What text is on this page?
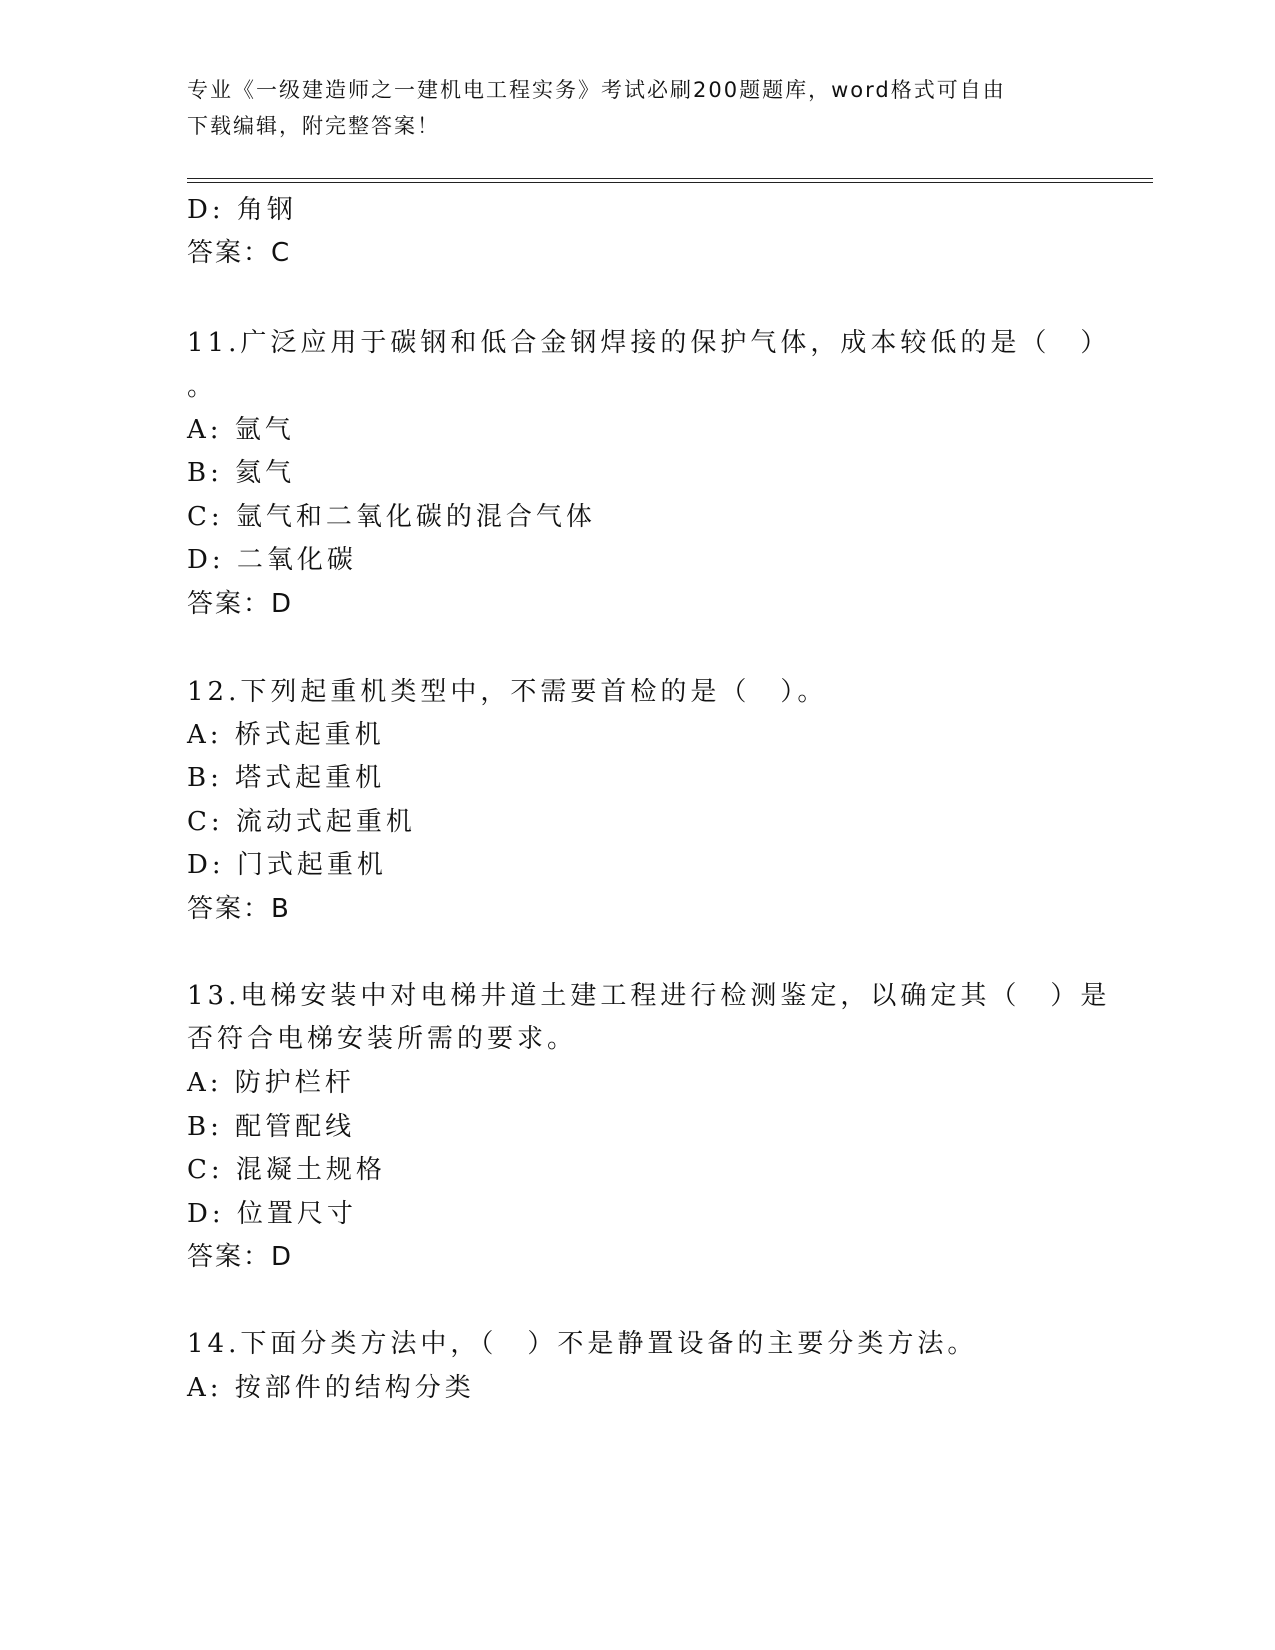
专业《一级建造师之一建机电工程实务》考试必刷200题题库，word格式可自由
下载编辑，附完整答案！
D: 角钢
答案：C
11.广泛应用于碳钢和低合金钢焊接的保护气体，成本较低的是（　）
。
A: 氩气
B: 氦气
C: 氩气和二氧化碳的混合气体
D: 二氧化碳
答案：D
12.下列起重机类型中，不需要首检的是（　）。
A: 桥式起重机
B: 塔式起重机
C: 流动式起重机
D: 门式起重机
答案：B
13.电梯安装中对电梯井道土建工程进行检测鉴定，以确定其（　）是
否符合电梯安装所需的要求。
A: 防护栏杆
B: 配管配线
C: 混凝土规格
D: 位置尺寸
答案：D
14.下面分类方法中，（　）不是静置设备的主要分类方法。
A: 按部件的结构分类
